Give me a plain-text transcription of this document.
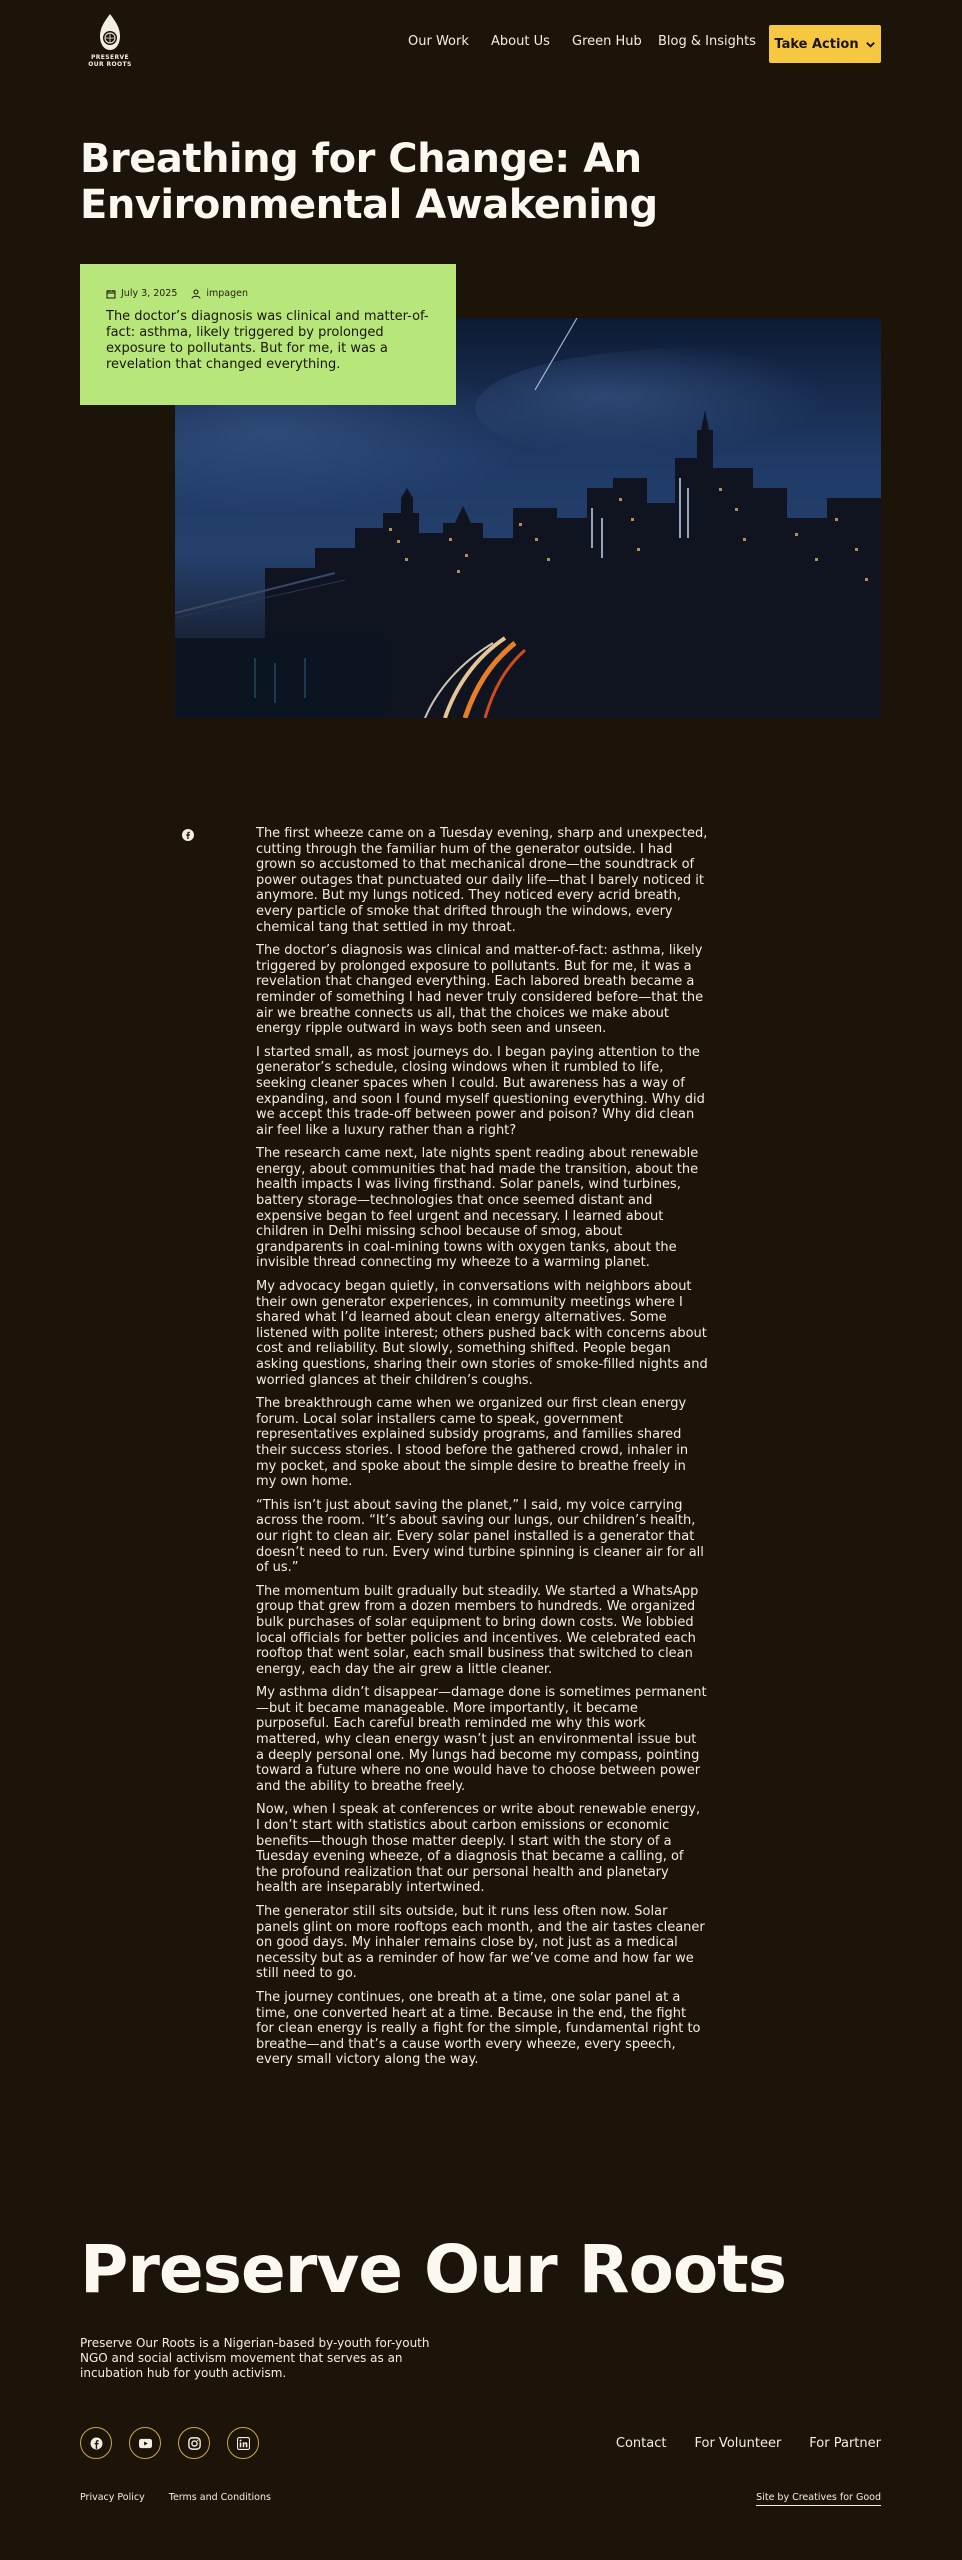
PRESERVE
OUR ROOTS
Our Work About Us Green Hub Blog & Insights Take Action
Breathing for Change: An Environmental Awakening
July 3, 2025	impagen

The doctor’s diagnosis was clinical and matter-of-fact: asthma, likely triggered by prolonged exposure to pollutants. But for me, it was a revelation that changed everything.

The first wheeze came on a Tuesday evening, sharp and unexpected, cutting through the familiar hum of the generator outside. I had grown so accustomed to that mechanical drone—the soundtrack of power outages that punctuated our daily life—that I barely noticed it anymore. But my lungs noticed. They noticed every acrid breath, every particle of smoke that drifted through the windows, every chemical tang that settled in my throat.

The doctor’s diagnosis was clinical and matter-of-fact: asthma, likely triggered by prolonged exposure to pollutants. But for me, it was a revelation that changed everything. Each labored breath became a reminder of something I had never truly considered before—that the air we breathe connects us all, that the choices we make about energy ripple outward in ways both seen and unseen.

I started small, as most journeys do. I began paying attention to the generator’s schedule, closing windows when it rumbled to life, seeking cleaner spaces when I could. But awareness has a way of expanding, and soon I found myself questioning everything. Why did we accept this trade-off between power and poison? Why did clean air feel like a luxury rather than a right?

The research came next, late nights spent reading about renewable energy, about communities that had made the transition, about the health impacts I was living firsthand. Solar panels, wind turbines, battery storage—technologies that once seemed distant and expensive began to feel urgent and necessary. I learned about children in Delhi missing school because of smog, about grandparents in coal-mining towns with oxygen tanks, about the invisible thread connecting my wheeze to a warming planet.

My advocacy began quietly, in conversations with neighbors about their own generator experiences, in community meetings where I shared what I’d learned about clean energy alternatives. Some listened with polite interest; others pushed back with concerns about cost and reliability. But slowly, something shifted. People began asking questions, sharing their own stories of smoke-filled nights and worried glances at their children’s coughs.

The breakthrough came when we organized our first clean energy forum. Local solar installers came to speak, government representatives explained subsidy programs, and families shared their success stories. I stood before the gathered crowd, inhaler in my pocket, and spoke about the simple desire to breathe freely in my own home.

“This isn’t just about saving the planet,” I said, my voice carrying across the room. “It’s about saving our lungs, our children’s health, our right to clean air. Every solar panel installed is a generator that doesn’t need to run. Every wind turbine spinning is cleaner air for all of us.”

The momentum built gradually but steadily. We started a WhatsApp group that grew from a dozen members to hundreds. We organized bulk purchases of solar equipment to bring down costs. We lobbied local officials for better policies and incentives. We celebrated each rooftop that went solar, each small business that switched to clean energy, each day the air grew a little cleaner.

My asthma didn’t disappear—damage done is sometimes permanent—but it became manageable. More importantly, it became purposeful. Each careful breath reminded me why this work mattered, why clean energy wasn’t just an environmental issue but a deeply personal one. My lungs had become my compass, pointing toward a future where no one would have to choose between power and the ability to breathe freely.

Now, when I speak at conferences or write about renewable energy, I don’t start with statistics about carbon emissions or economic benefits—though those matter deeply. I start with the story of a Tuesday evening wheeze, of a diagnosis that became a calling, of the profound realization that our personal health and planetary health are inseparably intertwined.

The generator still sits outside, but it runs less often now. Solar panels glint on more rooftops each month, and the air tastes cleaner on good days. My inhaler remains close by, not just as a medical necessity but as a reminder of how far we’ve come and how far we still need to go.

The journey continues, one breath at a time, one solar panel at a time, one converted heart at a time. Because in the end, the fight for clean energy is really a fight for the simple, fundamental right to breathe—and that’s a cause worth every wheeze, every speech, every small victory along the way.

Preserve Our Roots

Preserve Our Roots is a Nigerian-based by-youth for-youth NGO and social activism movement that serves as an incubation hub for youth activism.

Contact For Volunteer For Partner
Privacy Policy	Terms and Conditions	Site by Creatives for Good
